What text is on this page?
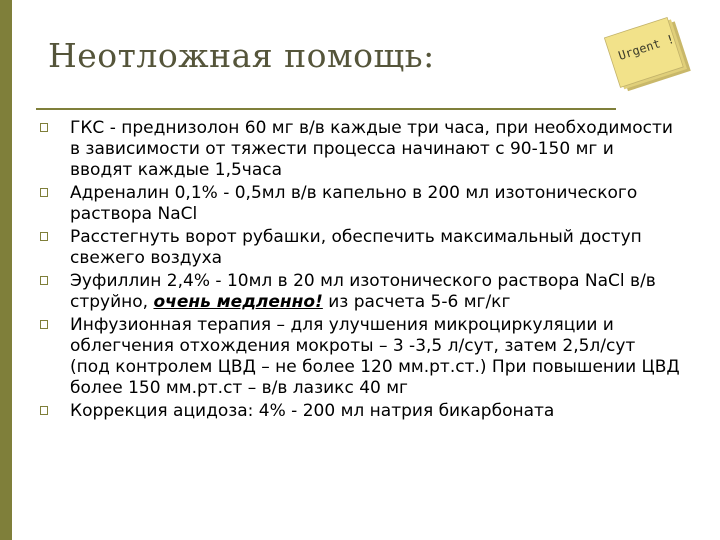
Неотложная помощь:	Urgent !
ГКС - преднизолон 60 мг в/в каждые три часа, при необходимости в зависимости от тяжести процесса начинают с 90-150 мг и вводят каждые 1,5часа
Адреналин 0,1% - 0,5мл в/в капельно в 200 мл изотонического раствора NaCl
Расстегнуть ворот рубашки, обеспечить максимальный доступ свежего воздуха
Эуфиллин 2,4% - 10мл в 20 мл изотонического раствора NaCl в/в струйно, очень медленно! из расчета 5-6 мг/кг
Инфузионная терапия – для улучшения микроциркуляции и облегчения отхождения мокроты – 3 -3,5 л/сут, затем 2,5л/сут (под контролем ЦВД – не более 120 мм.рт.ст.) При повышении ЦВД более 150 мм.рт.ст – в/в лазикс 40 мг
Коррекция ацидоза: 4% - 200 мл натрия бикарбоната
